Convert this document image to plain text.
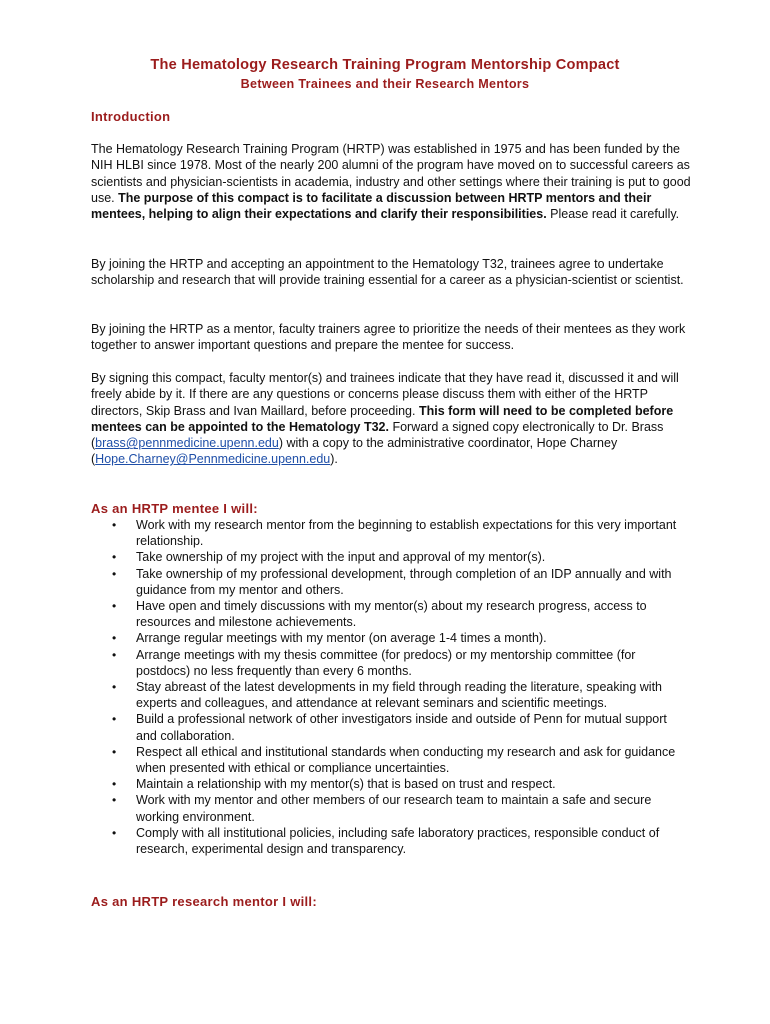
The Hematology Research Training Program Mentorship Compact
Between Trainees and their Research Mentors
Introduction

The Hematology Research Training Program (HRTP) was established in 1975 and has been funded by the NIH HLBI since 1978. Most of the nearly 200 alumni of the program have moved on to successful careers as scientists and physician-scientists in academia, industry and other settings where their training is put to good use. The purpose of this compact is to facilitate a discussion between HRTP mentors and their mentees, helping to align their expectations and clarify their responsibilities. Please read it carefully.

By joining the HRTP and accepting an appointment to the Hematology T32, trainees agree to undertake scholarship and research that will provide training essential for a career as a physician-scientist or scientist.

By joining the HRTP as a mentor, faculty trainers agree to prioritize the needs of their mentees as they work together to answer important questions and prepare the mentee for success.

By signing this compact, faculty mentor(s) and trainees indicate that they have read it, discussed it and will freely abide by it. If there are any questions or concerns please discuss them with either of the HRTP directors, Skip Brass and Ivan Maillard, before proceeding. This form will need to be completed before mentees can be appointed to the Hematology T32. Forward a signed copy electronically to Dr. Brass (brass@pennmedicine.upenn.edu) with a copy to the administrative coordinator, Hope Charney (Hope.Charney@Pennmedicine.upenn.edu).

As an HRTP mentee I will:
• Work with my research mentor from the beginning to establish expectations for this very important relationship.
• Take ownership of my project with the input and approval of my mentor(s).
• Take ownership of my professional development, through completion of an IDP annually and with guidance from my mentor and others.
• Have open and timely discussions with my mentor(s) about my research progress, access to resources and milestone achievements.
• Arrange regular meetings with my mentor (on average 1-4 times a month).
• Arrange meetings with my thesis committee (for predocs) or my mentorship committee (for postdocs) no less frequently than every 6 months.
• Stay abreast of the latest developments in my field through reading the literature, speaking with experts and colleagues, and attendance at relevant seminars and scientific meetings.
• Build a professional network of other investigators inside and outside of Penn for mutual support and collaboration.
• Respect all ethical and institutional standards when conducting my research and ask for guidance when presented with ethical or compliance uncertainties.
• Maintain a relationship with my mentor(s) that is based on trust and respect.
• Work with my mentor and other members of our research team to maintain a safe and secure working environment.
• Comply with all institutional policies, including safe laboratory practices, responsible conduct of research, experimental design and transparency.
As an HRTP research mentor I will:
